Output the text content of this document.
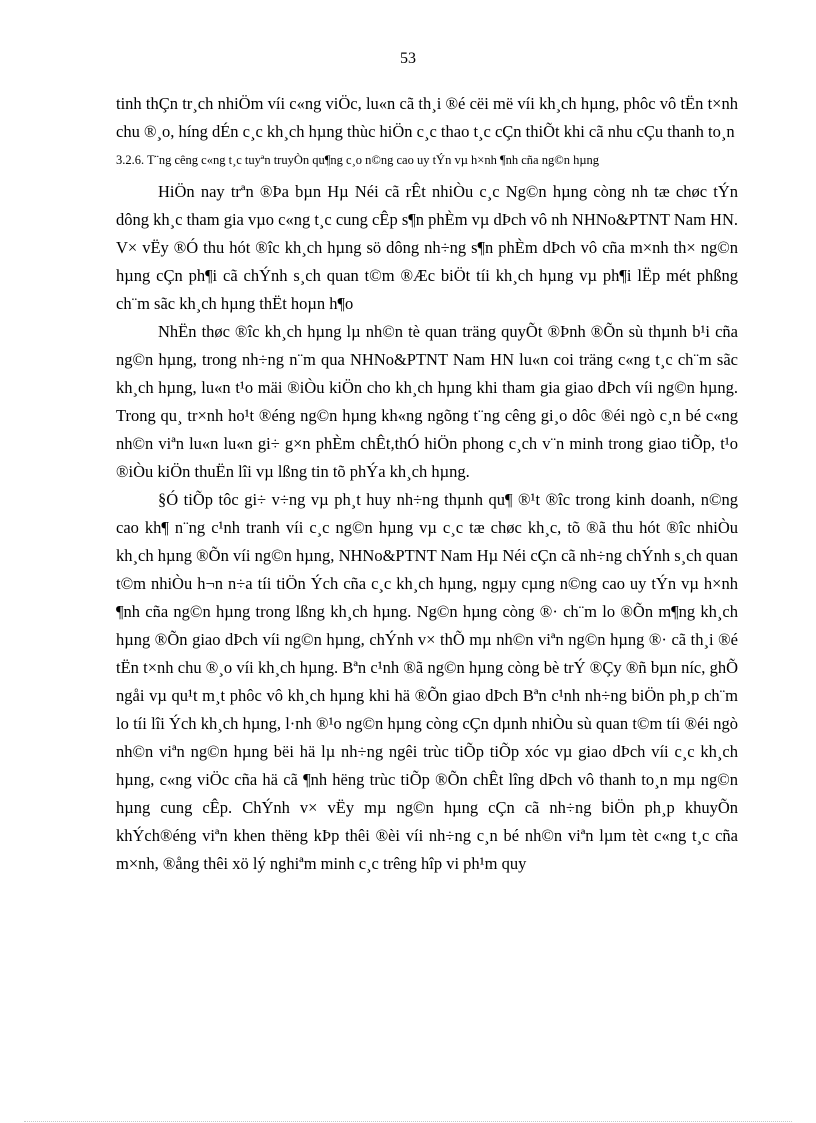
53

tinh thÇn tr¸ch nhiÖm víi c«ng viÖc, lu«n cã th¸i ®é cëi më víi kh¸ch hµng, phôc vô tËn t×nh chu ®¸o, híng dÉn c¸c kh¸ch hµng thùc hiÖn c¸c thao t¸c cÇn thiÕt khi cã nhu cÇu thanh to¸n

3.2.6. T¨ng cêng c«ng t¸c tuyªn truyÒn qu¶ng c¸o n©ng cao uy tÝn vµ h×nh ¶nh cña ng©n hµng

HiÖn nay trªn ®Þa bµn Hµ Néi cã rÊt nhiÒu c¸c Ng©n hµng còng nh tæ chøc tÝn dông kh¸c tham gia vµo c«ng t¸c cung cÊp s¶n phÈm vµ dÞch vô nh NHNo&PTNT Nam HN. V× vËy ®Ó thu hót ®îc kh¸ch hµng sö dông nh÷ng s¶n phÈm dÞch vô cña m×nh th× ng©n hµng cÇn ph¶i cã chÝnh s¸ch quan t©m ®Æc biÖt tíi kh¸ch hµng vµ ph¶i lËp mét phßng ch¨m sãc kh¸ch hµng thËt hoµn h¶o

NhËn thøc ®îc kh¸ch hµng lµ nh©n tè quan träng quyÕt ®Þnh ®Õn sù thµnh b¹i cña ng©n hµng, trong nh÷ng n¨m qua NHNo&PTNT Nam HN lu«n coi träng c«ng t¸c ch¨m sãc kh¸ch hµng, lu«n t¹o mäi ®iÒu kiÖn cho kh¸ch hµng khi tham gia giao dÞch víi ng©n hµng. Trong qu¸ tr×nh ho¹t ®éng ng©n hµng kh«ng ngõng t¨ng cêng gi¸o dôc ®éi ngò c¸n bé c«ng nh©n viªn lu«n lu«n gi÷ g×n phÈm chÊt,thÓ hiÖn phong c¸ch v¨n minh trong giao tiÕp, t¹o ®iÒu kiÖn thuËn lîi vµ lßng tin tõ phÝa kh¸ch hµng.

§Ó tiÕp tôc gi÷ v÷ng vµ ph¸t huy nh÷ng thµnh qu¶ ®¹t ®îc trong kinh doanh, n©ng cao kh¶ n¨ng c¹nh tranh víi c¸c ng©n hµng vµ c¸c tæ chøc kh¸c, tõ ®ã thu hót ®îc nhiÒu kh¸ch hµng ®Õn víi ng©n hµng, NHNo&PTNT Nam Hµ Néi cÇn cã nh÷ng chÝnh s¸ch quan t©m nhiÒu h¬n n÷a tíi tiÖn Ých cña c¸c kh¸ch hµng, ngµy cµng n©ng cao uy tÝn vµ h×nh ¶nh cña ng©n hµng trong lßng kh¸ch hµng. Ng©n hµng còng ®· ch¨m lo ®Õn m¶ng kh¸ch hµng ®Õn giao dÞch víi ng©n hµng, chÝnh v× thÕ mµ nh©n viªn ng©n hµng ®· cã th¸i ®é tËn t×nh chu ®¸o víi kh¸ch hµng. Bªn c¹nh ®ã ng©n hµng còng bè trÝ ®Çy ®ñ bµn níc, ghÕ ngåi vµ qu¹t m¸t phôc vô kh¸ch hµng khi hä ®Õn giao dÞch Bªn c¹nh nh÷ng biÖn ph¸p ch¨m lo tíi lîi Ých kh¸ch hµng, l·nh ®¹o ng©n hµng còng cÇn dµnh nhiÒu sù quan t©m tíi ®éi ngò nh©n viªn ng©n hµng bëi hä lµ nh÷ng ngêi trùc tiÕp tiÕp xóc vµ giao dÞch víi c¸c kh¸ch hµng, c«ng viÖc cña hä cã ¶nh hëng trùc tiÕp ®Õn chÊt lîng dÞch vô thanh to¸n mµ ng©n hµng cung cÊp. ChÝnh v× vËy mµ ng©n hµng cÇn cã nh÷ng biÖn ph¸p khuyÕn khÝch®éng viªn khen thëng kÞp thêi ®èi víi nh÷ng c¸n bé nh©n viªn lµm tèt c«ng t¸c cña m×nh, ®ång thêi xö lý nghiªm minh c¸c trêng hîp vi ph¹m quy
